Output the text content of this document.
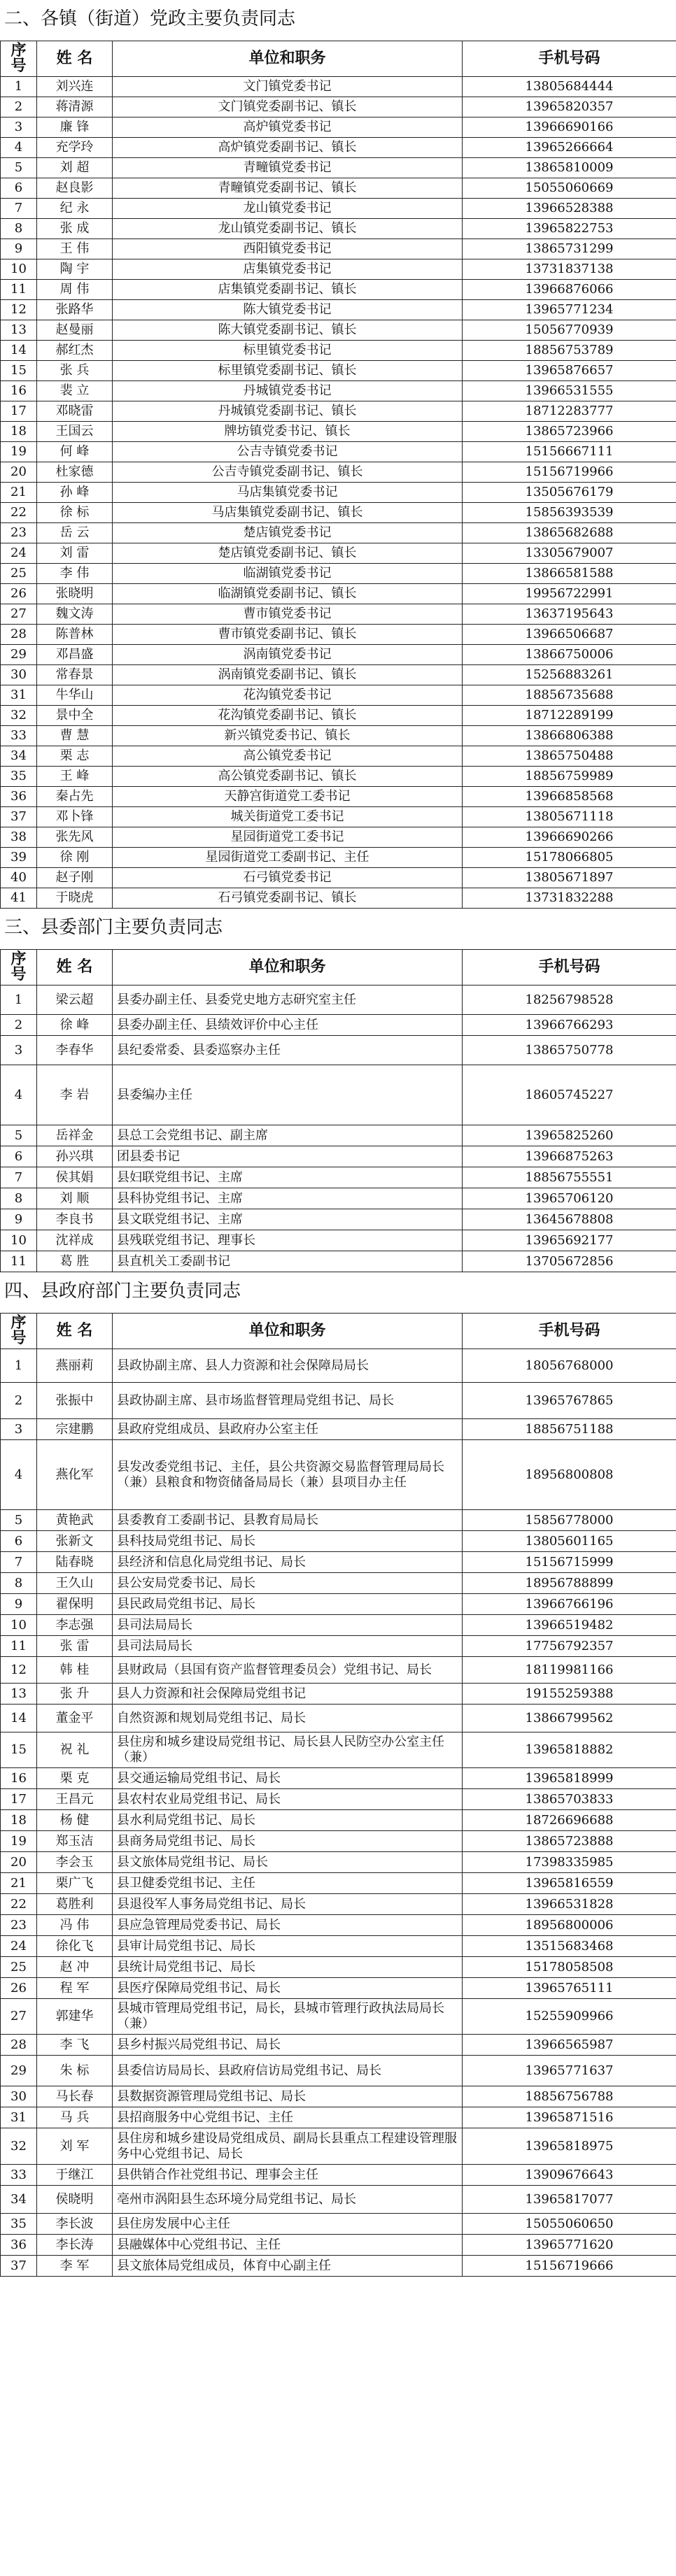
二、各镇（街道）党政主要负责同志
序 号	姓 名	单位和职务	手机号码
1	刘兴连	文门镇党委书记	13805684444
2	蒋清源	文门镇党委副书记、镇长	13965820357
3	廉 锋	高炉镇党委书记	13966690166
4	充学玲	高炉镇党委副书记、镇长	13965266664
5	刘 超	青疃镇党委书记	13865810009
6	赵良影	青疃镇党委副书记、镇长	15055060669
7	纪 永	龙山镇党委书记	13966528388
8	张 成	龙山镇党委副书记、镇长	13965822753
9	王 伟	西阳镇党委书记	13865731299
10	陶 宇	店集镇党委书记	13731837138
11	周 伟	店集镇党委副书记、镇长	13966876066
12	张路华	陈大镇党委书记	13965771234
13	赵曼丽	陈大镇党委副书记、镇长	15056770939
14	郝红杰	标里镇党委书记	18856753789
15	张 兵	标里镇党委副书记、镇长	13965876657
16	裴 立	丹城镇党委书记	13966531555
17	邓晓雷	丹城镇党委副书记、镇长	18712283777
18	王国云	牌坊镇党委书记、镇长	13865723966
19	何 峰	公吉寺镇党委书记	15156667111
20	杜家德	公吉寺镇党委副书记、镇长	15156719966
21	孙 峰	马店集镇党委书记	13505676179
22	徐 标	马店集镇党委副书记、镇长	15856393539
23	岳 云	楚店镇党委书记	13865682688
24	刘 雷	楚店镇党委副书记、镇长	13305679007
25	李 伟	临湖镇党委书记	13866581588
26	张晓明	临湖镇党委副书记、镇长	19956722991
27	魏文涛	曹市镇党委书记	13637195643
28	陈普林	曹市镇党委副书记、镇长	13966506687
29	邓昌盛	涡南镇党委书记	13866750006
30	常春景	涡南镇党委副书记、镇长	15256883261
31	牛华山	花沟镇党委书记	18856735688
32	景中全	花沟镇党委副书记、镇长	18712289199
33	曹 慧	新兴镇党委书记、镇长	13866806388
34	栗 志	高公镇党委书记	13865750488
35	王 峰	高公镇党委副书记、镇长	18856759989
36	秦占先	天静宫街道党工委书记	13966858568
37	邓卜锋	城关街道党工委书记	13805671118
38	张先风	星园街道党工委书记	13966690266
39	徐 刚	星园街道党工委副书记、主任	15178066805
40	赵子刚	石弓镇党委书记	13805671897
41	于晓虎	石弓镇党委副书记、镇长	13731832288
三、县委部门主要负责同志
序 号	姓 名	单位和职务	手机号码
1	梁云超	县委办副主任、县委党史地方志研究室主任	18256798528
2	徐 峰	县委办副主任、县绩效评价中心主任	13966766293
3	李春华	县纪委常委、县委巡察办主任	13865750778
4	李 岩	县委编办主任	18605745227
5	岳祥金	县总工会党组书记、副主席	13965825260
6	孙兴琪	团县委书记	13966875263
7	侯其娟	县妇联党组书记、主席	18856755551
8	刘 顺	县科协党组书记、主席	13965706120
9	李良书	县文联党组书记、主席	13645678808
10	沈祥成	县残联党组书记、理事长	13965692177
11	葛 胜	县直机关工委副书记	13705672856
四、县政府部门主要负责同志
序 号	姓 名	单位和职务	手机号码
1	燕丽莉	县政协副主席、县人力资源和社会保障局局长	18056768000
2	张振中	县政协副主席、县市场监督管理局党组书记、局长	13965767865
3	宗建鹏	县政府党组成员、县政府办公室主任	18856751188
4	燕化军	县发改委党组书记、主任，县公共资源交易监督管理局局长（兼）县粮食和物资储备局局长（兼）县项目办主任	18956800808
5	黄艳武	县委教育工委副书记、县教育局局长	15856778000
6	张新文	县科技局党组书记、局长	13805601165
7	陆春晓	县经济和信息化局党组书记、局长	15156715999
8	王久山	县公安局党委书记、局长	18956788899
9	翟保明	县民政局党组书记、局长	13966766196
10	李志强	县司法局局长	13966519482
11	张 雷	县司法局局长	17756792357
12	韩 桂	县财政局（县国有资产监督管理委员会）党组书记、局长	18119981166
13	张 升	县人力资源和社会保障局党组书记	19155259388
14	董金平	自然资源和规划局党组书记、局长	13866799562
15	祝 礼	县住房和城乡建设局党组书记、局长县人民防空办公室主任（兼）	13965818882
16	栗 克	县交通运输局党组书记、局长	13965818999
17	王昌元	县农村农业局党组书记、局长	13865703833
18	杨 健	县水利局党组书记、局长	18726696688
19	郑玉洁	县商务局党组书记、局长	13865723888
20	李会玉	县文旅体局党组书记、局长	17398335985
21	栗广飞	县卫健委党组书记、主任	13965816559
22	葛胜利	县退役军人事务局党组书记、局长	13966531828
23	冯 伟	县应急管理局党委书记、局长	18956800006
24	徐化飞	县审计局党组书记、局长	13515683468
25	赵 冲	县统计局党组书记、局长	15178058508
26	程 军	县医疗保障局党组书记、局长	13965765111
27	郭建华	县城市管理局党组书记，局长，县城市管理行政执法局局长（兼）	15255909966
28	李 飞	县乡村振兴局党组书记、局长	13966565987
29	朱 标	县委信访局局长、县政府信访局党组书记、局长	13965771637
30	马长春	县数据资源管理局党组书记、局长	18856756788
31	马 兵	县招商服务中心党组书记、主任	13965871516
32	刘 军	县住房和城乡建设局党组成员、副局长县重点工程建设管理服务中心党组书记、局长	13965818975
33	于继江	县供销合作社党组书记、理事会主任	13909676643
34	侯晓明	亳州市涡阳县生态环境分局党组书记、局长	13965817077
35	李长波	县住房发展中心主任	15055060650
36	李长涛	县融媒体中心党组书记、主任	13965771620
37	李 军	县文旅体局党组成员，体育中心副主任	15156719666
